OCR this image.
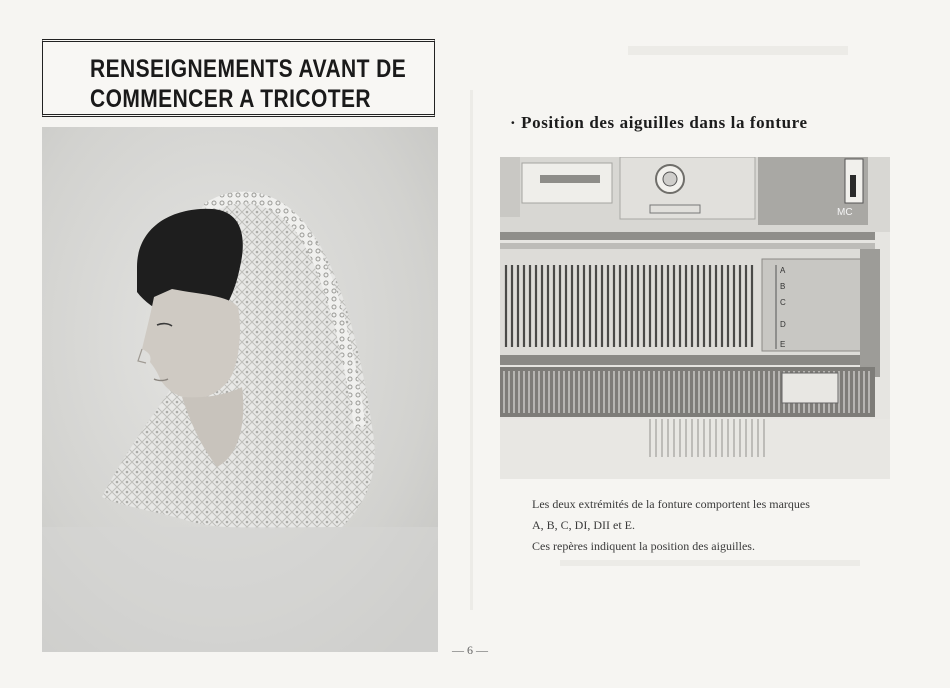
RENSEIGNEMENTS AVANT DE
COMMENCER A TRICOTER
· Position des aiguilles dans la fonture
MC
A
B
C
D
E

Les deux extrémités de la fonture comportent les marques
A, B, C, DI, DII et E.
Ces repères indiquent la position des aiguilles.

— 6 —
